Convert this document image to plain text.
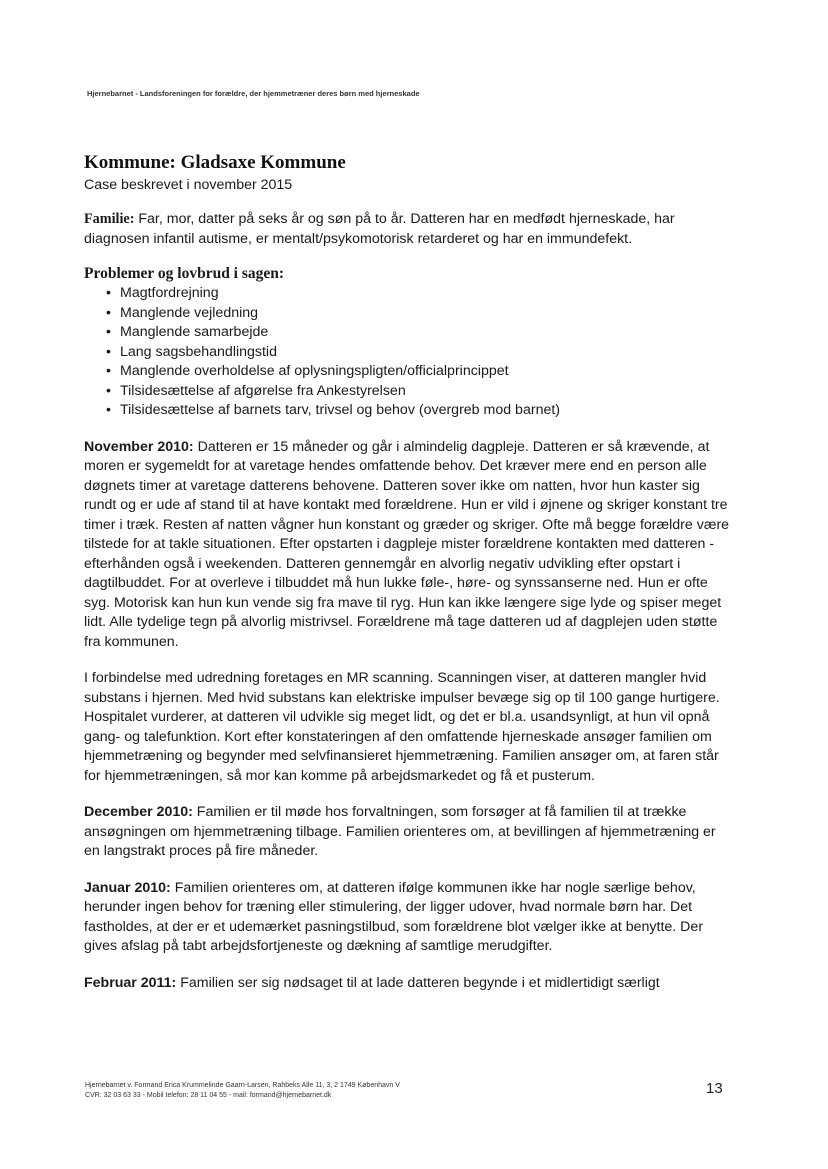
Hjernebarnet - Landsforeningen for forældre, der hjemmetræner deres børn med hjerneskade
Kommune: Gladsaxe Kommune

Case beskrevet i november 2015

Familie: Far, mor, datter på seks år og søn på to år. Datteren har en medfødt hjerneskade, har diagnosen infantil autisme, er mentalt/psykomotorisk retarderet og har en immundefekt.

Problemer og lovbrud i sagen:
• Magtfordrejning
• Manglende vejledning
• Manglende samarbejde
• Lang sagsbehandlingstid
• Manglende overholdelse af oplysningspligten/officialprincippet
• Tilsidesættelse af afgørelse fra Ankestyrelsen
• Tilsidesættelse af barnets tarv, trivsel og behov (overgreb mod barnet)

November 2010: Datteren er 15 måneder og går i almindelig dagpleje. Datteren er så krævende, at moren er sygemeldt for at varetage hendes omfattende behov. Det kræver mere end en person alle døgnets timer at varetage datterens behovene. Datteren sover ikke om natten, hvor hun kaster sig rundt og er ude af stand til at have kontakt med forældrene. Hun er vild i øjnene og skriger konstant tre timer i træk. Resten af natten vågner hun konstant og græder og skriger. Ofte må begge forældre være tilstede for at takle situationen. Efter opstarten i dagpleje mister forældrene kontakten med datteren - efterhånden også i weekenden. Datteren gennemgår en alvorlig negativ udvikling efter opstart i dagtilbuddet. For at overleve i tilbuddet må hun lukke føle-, høre- og synssanserne ned. Hun er ofte syg. Motorisk kan hun kun vende sig fra mave til ryg. Hun kan ikke længere sige lyde og spiser meget lidt. Alle tydelige tegn på alvorlig mistrivsel. Forældrene må tage datteren ud af dagplejen uden støtte fra kommunen.

I forbindelse med udredning foretages en MR scanning. Scanningen viser, at datteren mangler hvid substans i hjernen. Med hvid substans kan elektriske impulser bevæge sig op til 100 gange hurtigere. Hospitalet vurderer, at datteren vil udvikle sig meget lidt, og det er bl.a. usandsynligt, at hun vil opnå gang- og talefunktion. Kort efter konstateringen af den omfattende hjerneskade ansøger familien om hjemmetræning og begynder med selvfinansieret hjemmetræning. Familien ansøger om, at faren står for hjemmetræningen, så mor kan komme på arbejdsmarkedet og få et pusterum.

December 2010: Familien er til møde hos forvaltningen, som forsøger at få familien til at trække ansøgningen om hjemmetræning tilbage. Familien orienteres om, at bevillingen af hjemmetræning er en langstrakt proces på fire måneder.

Januar 2010: Familien orienteres om, at datteren ifølge kommunen ikke har nogle særlige behov, herunder ingen behov for træning eller stimulering, der ligger udover, hvad normale børn har. Det fastholdes, at der er et udemærket pasningstilbud, som forældrene blot vælger ikke at benytte. Der gives afslag på tabt arbejdsfortjeneste og dækning af samtlige merudgifter.

Februar 2011: Familien ser sig nødsaget til at lade datteren begynde i et midlertidigt særligt

Hjernebarnet v. Formand Erica Krummelinde Gaarn-Larsen, Rahbeks Alle 11, 3, 2 1749 København V
CVR: 32 03 63 33 - Mobil telefon: 28 11 04 55 - mail: formand@hjernebarnet.dk	13
